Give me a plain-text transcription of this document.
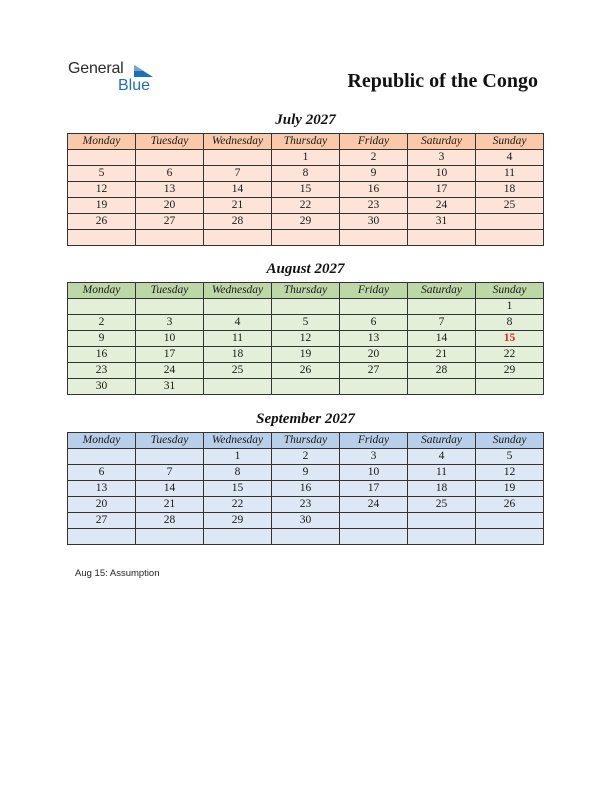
General
Blue	Republic of the Congo
July 2027
Monday	Tuesday	Wednesday	Thursday	Friday	Saturday	Sunday
			1	2	3	4
5	6	7	8	9	10	11
12	13	14	15	16	17	18
19	20	21	22	23	24	25
26	27	28	29	30	31	

August 2027
Monday	Tuesday	Wednesday	Thursday	Friday	Saturday	Sunday
						1
2	3	4	5	6	7	8
9	10	11	12	13	14	15
16	17	18	19	20	21	22
23	24	25	26	27	28	29
30	31					
September 2027
Monday	Tuesday	Wednesday	Thursday	Friday	Saturday	Sunday
		1	2	3	4	5
6	7	8	9	10	11	12
13	14	15	16	17	18	19
20	21	22	23	24	25	26
27	28	29	30			

Aug 15: Assumption
